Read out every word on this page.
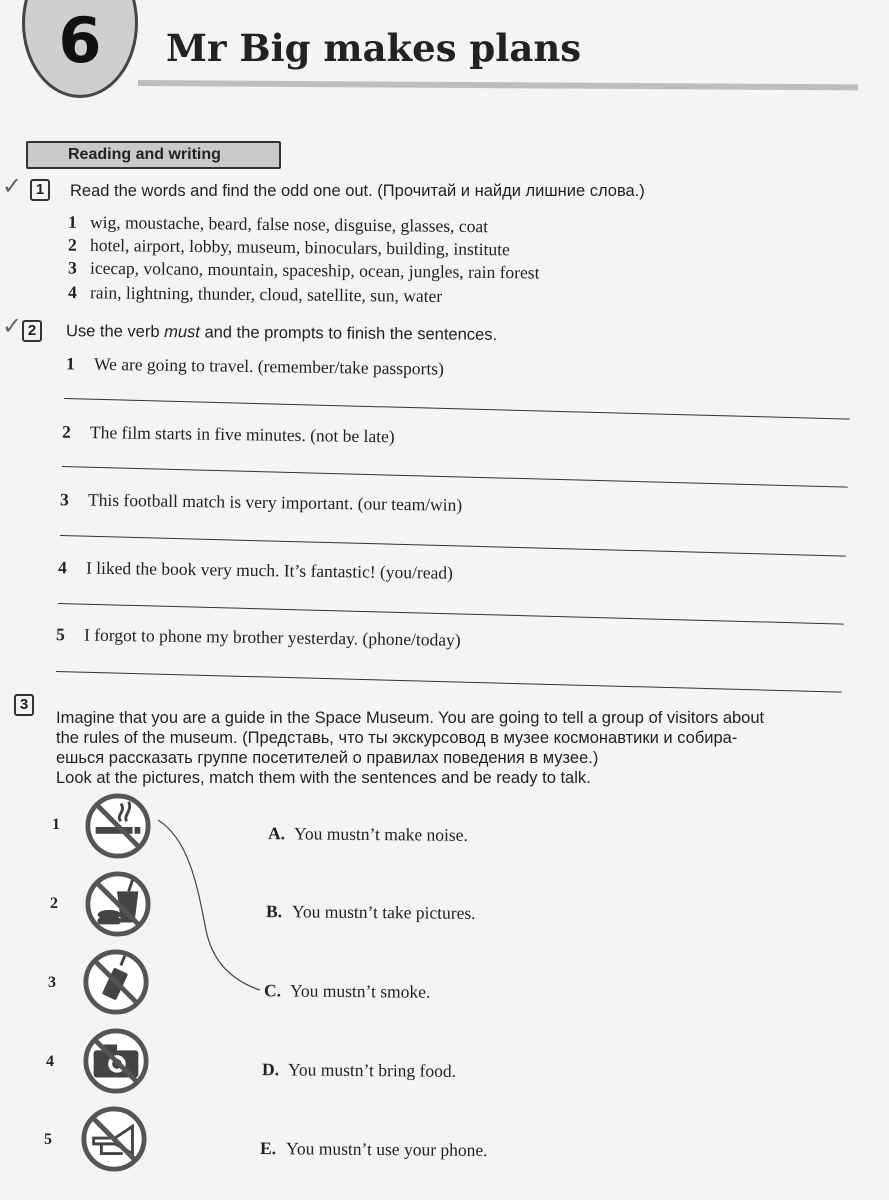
6	Mr Big makes plans
Reading and writing
✓ 1	Read the words and find the odd one out. (Прочитай и найди лишние слова.)
1 wig, moustache, beard, false nose, disguise, glasses, coat
2 hotel, airport, lobby, museum, binoculars, building, institute
3 icecap, volcano, mountain, spaceship, ocean, jungles, rain forest
4 rain, lightning, thunder, cloud, satellite, sun, water
✓ 2	Use the verb must and the prompts to finish the sentences.
1 We are going to travel. (remember/take passports)
2 The film starts in five minutes. (not be late)
3 This football match is very important. (our team/win)
4 I liked the book very much. It’s fantastic! (you/read)
5 I forgot to phone my brother yesterday. (phone/today)
3
Imagine that you are a guide in the Space Museum. You are going to tell a group of visitors about
the rules of the museum. (Представь, что ты экскурсовод в музее космонавтики и собира-
ешься рассказать группе посетителей о правилах поведения в музее.)
Look at the pictures, match them with the sentences and be ready to talk.
1
2
3
4
5
A. You mustn’t make noise.
B. You mustn’t take pictures.
C. You mustn’t smoke.
D. You mustn’t bring food.
E. You mustn’t use your phone.
